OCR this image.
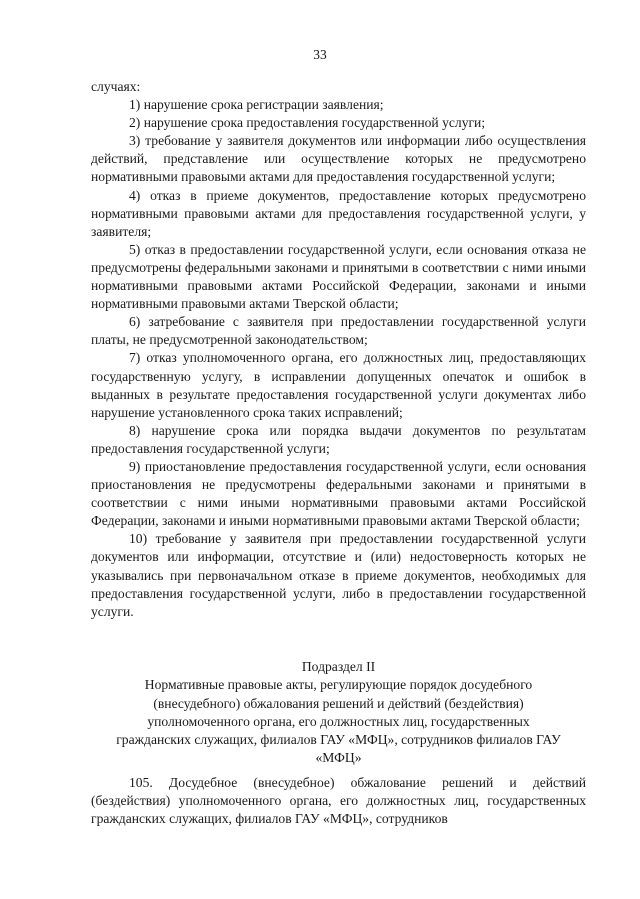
33

случаях:

1) нарушение срока регистрации заявления;

2) нарушение срока предоставления государственной услуги;

3) требование у заявителя документов или информации либо осуществления действий, представление или осуществление которых не предусмотрено нормативными правовыми актами для предоставления государственной услуги;

4) отказ в приеме документов, предоставление которых предусмотрено нормативными правовыми актами для предоставления государственной услуги, у заявителя;

5) отказ в предоставлении государственной услуги, если основания отказа не предусмотрены федеральными законами и принятыми в соответствии с ними иными нормативными правовыми актами Российской Федерации, законами и иными нормативными правовыми актами Тверской области;

6) затребование с заявителя при предоставлении государственной услуги платы, не предусмотренной законодательством;

7) отказ уполномоченного органа, его должностных лиц, предоставляющих государственную услугу, в исправлении допущенных опечаток и ошибок в выданных в результате предоставления государственной услуги документах либо нарушение установленного срока таких исправлений;

8) нарушение срока или порядка выдачи документов по результатам предоставления государственной услуги;

9) приостановление предоставления государственной услуги, если основания приостановления не предусмотрены федеральными законами и принятыми в соответствии с ними иными нормативными правовыми актами Российской Федерации, законами и иными нормативными правовыми актами Тверской области;

10) требование у заявителя при предоставлении государственной услуги документов или информации, отсутствие и (или) недостоверность которых не указывались при первоначальном отказе в приеме документов, необходимых для предоставления государственной услуги, либо в предоставлении государственной услуги.

Подраздел II

Нормативные правовые акты, регулирующие порядок досудебного

(внесудебного) обжалования решений и действий (бездействия)

уполномоченного органа, его должностных лиц, государственных

гражданских служащих, филиалов ГАУ «МФЦ», сотрудников филиалов ГАУ

«МФЦ»

105. Досудебное (внесудебное) обжалование решений и действий (бездействия) уполномоченного органа, его должностных лиц, государственных гражданских служащих, филиалов ГАУ «МФЦ», сотрудников
